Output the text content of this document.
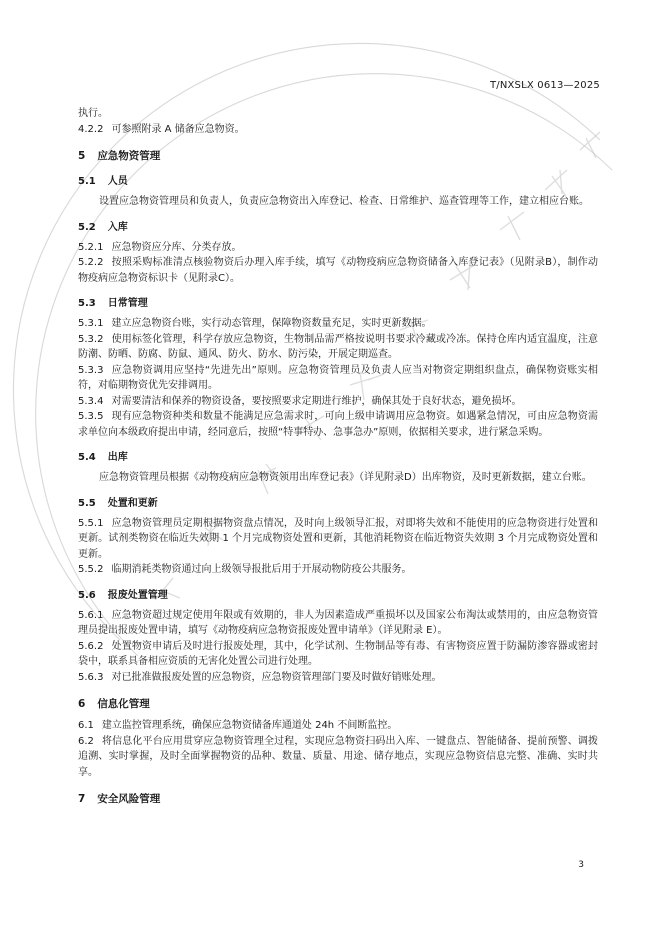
T/NXSLX 0613—2025
执行。
4.2.2 可参照附录 A 储备应急物资。
5 应急物资管理
5.1 人员
设置应急物资管理员和负责人，负责应急物资出入库登记、检查、日常维护、巡查管理等工作，建立相应台账。
5.2 入库
5.2.1 应急物资应分库、分类存放。
5.2.2 按照采购标准清点核验物资后办理入库手续，填写《动物疫病应急物资储备入库登记表》（见附录B），制作动物疫病应急物资标识卡（见附录C）。
5.3 日常管理
5.3.1 建立应急物资台账，实行动态管理，保障物资数量充足，实时更新数据。
5.3.2 使用标签化管理，科学存放应急物资，生物制品需严格按说明书要求冷藏或冷冻。保持仓库内适宜温度，注意防潮、防晒、防腐、防鼠、通风、防火、防水、防污染，开展定期巡查。
5.3.3 应急物资调用应坚持“先进先出”原则。应急物资管理员及负责人应当对物资定期组织盘点，确保物资账实相符，对临期物资优先安排调用。
5.3.4 对需要清洁和保养的物资设备，要按照要求定期进行维护，确保其处于良好状态，避免损坏。
5.3.5 现有应急物资种类和数量不能满足应急需求时，可向上级申请调用应急物资。如遇紧急情况，可由应急物资需求单位向本级政府提出申请，经同意后，按照“特事特办、急事急办”原则，依据相关要求，进行紧急采购。
5.4 出库
应急物资管理员根据《动物疫病应急物资领用出库登记表》（详见附录D）出库物资，及时更新数据，建立台账。
5.5 处置和更新
5.5.1 应急物资管理员定期根据物资盘点情况，及时向上级领导汇报，对即将失效和不能使用的应急物资进行处置和更新。试剂类物资在临近失效期 1 个月完成物资处置和更新，其他消耗物资在临近物资失效期 3 个月完成物资处置和更新。
5.5.2 临期消耗类物资通过向上级领导报批后用于开展动物防疫公共服务。
5.6 报废处置管理
5.6.1 应急物资超过规定使用年限或有效期的，非人为因素造成严重损坏以及国家公布淘汰或禁用的，由应急物资管理员提出报废处置申请，填写《动物疫病应急物资报废处置申请单》（详见附录 E）。
5.6.2 处置物资申请后及时进行报废处理，其中，化学试剂、生物制品等有毒、有害物资应置于防漏防渗容器或密封袋中，联系具备相应资质的无害化处置公司进行处理。
5.6.3 对已批准做报废处置的应急物资，应急物资管理部门要及时做好销账处理。
6 信息化管理
6.1 建立监控管理系统，确保应急物资储备库通道处 24h 不间断监控。
6.2 将信息化平台应用贯穿应急物资管理全过程，实现应急物资扫码出入库、一键盘点、智能储备、提前预警、调拨追溯、实时掌握，及时全面掌握物资的品种、数量、质量、用途、储存地点，实现应急物资信息完整、准确、实时共享。
7 安全风险管理
3
